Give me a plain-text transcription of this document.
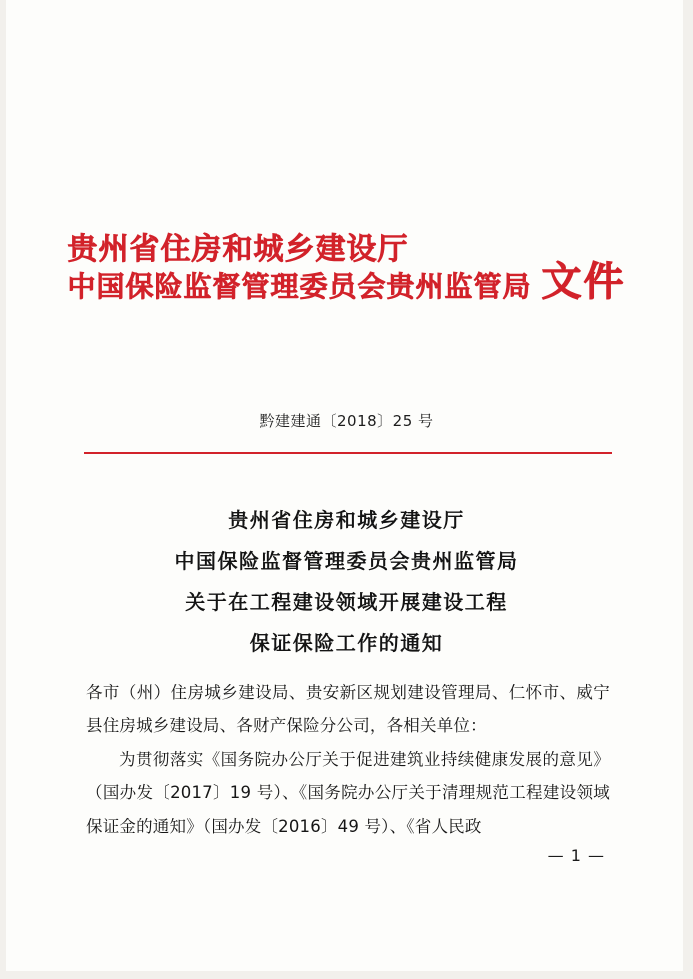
贵州省住房和城乡建设厅
中国保险监督管理委员会贵州监管局 文件
黔建建通〔2018〕25 号
贵州省住房和城乡建设厅
中国保险监督管理委员会贵州监管局
关于在工程建设领域开展建设工程
保证保险工作的通知

各市（州）住房城乡建设局、贵安新区规划建设管理局、仁怀市、威宁县住房城乡建设局、各财产保险分公司，各相关单位：

为贯彻落实《国务院办公厅关于促进建筑业持续健康发展的意见》（国办发〔2017〕19 号）、《国务院办公厅关于清理规范工程建设领域保证金的通知》（国办发〔2016〕49 号）、《省人民政

— 1 —
